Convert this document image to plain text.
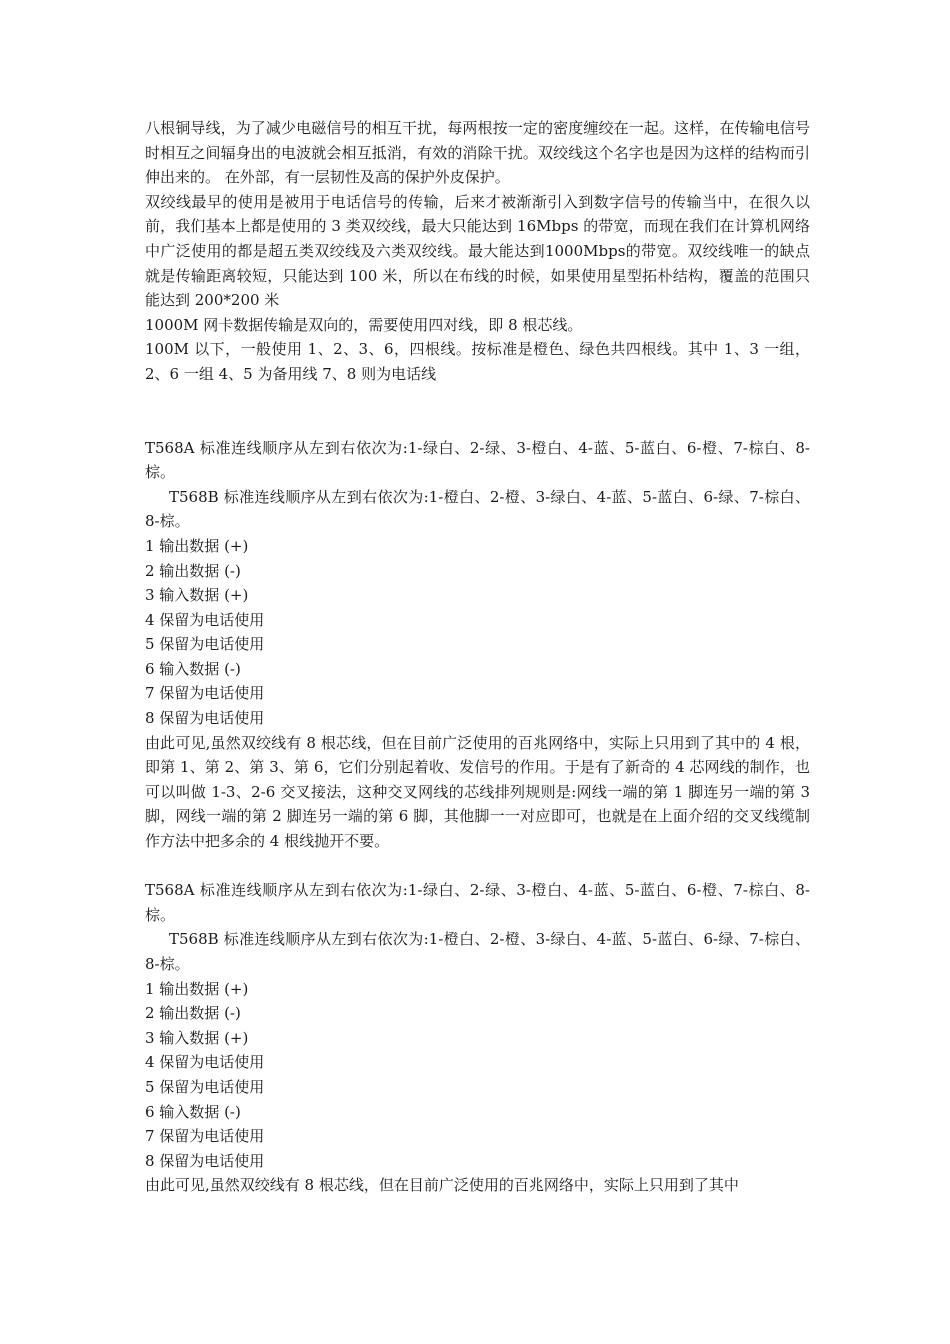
八根铜导线，为了减少电磁信号的相互干扰，每两根按一定的密度缠绞在一起。这样，在传输电信号时相互之间辐身出的电波就会相互抵消，有效的消除干扰。双绞线这个名字也是因为这样的结构而引伸出来的。 在外部，有一层韧性及高的保护外皮保护。

双绞线最早的使用是被用于电话信号的传输，后来才被渐渐引入到数字信号的传输当中，在很久以前，我们基本上都是使用的 3 类双绞线，最大只能达到 16Mbps 的带宽，而现在我们在计算机网络中广泛使用的都是超五类双绞线及六类双绞线。最大能达到1000Mbps的带宽。双绞线唯一的缺点就是传输距离较短，只能达到 100 米，所以在布线的时候，如果使用星型拓朴结构，覆盖的范围只能达到 200*200 米

1000M 网卡数据传输是双向的，需要使用四对线，即 8 根芯线。

100M 以下，一般使用 1、2、3、6，四根线。按标准是橙色、绿色共四根线。其中 1、3 一组，2、6 一组 4、5 为备用线 7、8 则为电话线

T568A 标准连线顺序从左到右依次为:1-绿白、2-绿、3-橙白、4-蓝、5-蓝白、6-橙、7-棕白、8-棕。

T568B 标准连线顺序从左到右依次为:1-橙白、2-橙、3-绿白、4-蓝、5-蓝白、6-绿、7-棕白、8-棕。

1 输出数据 (+)

2 输出数据 (-)

3 输入数据 (+)

4 保留为电话使用

5 保留为电话使用

6 输入数据 (-)

7 保留为电话使用

8 保留为电话使用

由此可见,虽然双绞线有 8 根芯线，但在目前广泛使用的百兆网络中，实际上只用到了其中的 4 根，即第 1、第 2、第 3、第 6，它们分别起着收、发信号的作用。于是有了新奇的 4 芯网线的制作，也可以叫做 1-3、2-6 交叉接法，这种交叉网线的芯线排列规则是:网线一端的第 1 脚连另一端的第 3 脚，网线一端的第 2 脚连另一端的第 6 脚，其他脚一一对应即可，也就是在上面介绍的交叉线缆制作方法中把多余的 4 根线抛开不要。

T568A 标准连线顺序从左到右依次为:1-绿白、2-绿、3-橙白、4-蓝、5-蓝白、6-橙、7-棕白、8-棕。

T568B 标准连线顺序从左到右依次为:1-橙白、2-橙、3-绿白、4-蓝、5-蓝白、6-绿、7-棕白、8-棕。

1 输出数据 (+)

2 输出数据 (-)

3 输入数据 (+)

4 保留为电话使用

5 保留为电话使用

6 输入数据 (-)

7 保留为电话使用

8 保留为电话使用

由此可见,虽然双绞线有 8 根芯线，但在目前广泛使用的百兆网络中，实际上只用到了其中
